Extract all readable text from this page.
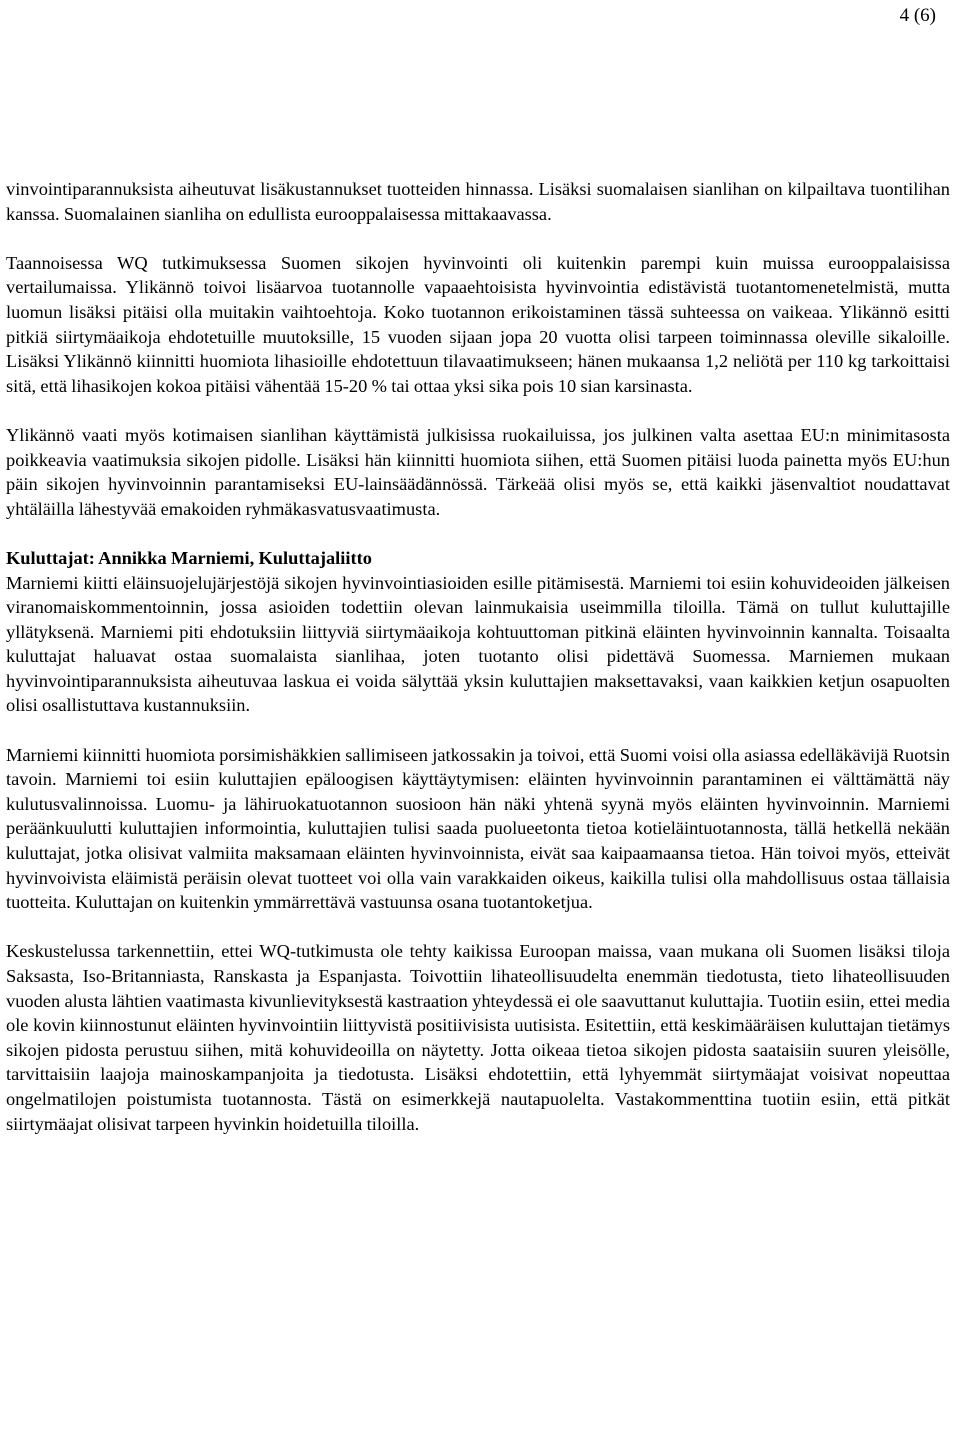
4 (6)

vinvointiparannuksista aiheutuvat lisäkustannukset tuotteiden hinnassa. Lisäksi suomalaisen sianlihan on kilpailtava tuontilihan kanssa. Suomalainen sianliha on edullista eurooppalaisessa mittakaavassa.

Taannoisessa WQ tutkimuksessa Suomen sikojen hyvinvointi oli kuitenkin parempi kuin muissa eurooppalaisissa vertailumaissa. Ylikännö toivoi lisäarvoa tuotannolle vapaaehtoisista hyvinvointia edistävistä tuotantomenetelmistä, mutta luomun lisäksi pitäisi olla muitakin vaihtoehtoja. Koko tuotannon erikoistaminen tässä suhteessa on vaikeaa. Ylikännö esitti pitkiä siirtymäaikoja ehdotetuille muutoksille, 15 vuoden sijaan jopa 20 vuotta olisi tarpeen toiminnassa oleville sikaloille. Lisäksi Ylikännö kiinnitti huomiota lihasioille ehdotettuun tilavaatimukseen; hänen mukaansa 1,2 neliötä per 110 kg tarkoittaisi sitä, että lihasikojen kokoa pitäisi vähentää 15-20 % tai ottaa yksi sika pois 10 sian karsinasta.

Ylikännö vaati myös kotimaisen sianlihan käyttämistä julkisissa ruokailuissa, jos julkinen valta asettaa EU:n minimitasosta poikkeavia vaatimuksia sikojen pidolle. Lisäksi hän kiinnitti huomiota siihen, että Suomen pitäisi luoda painetta myös EU:hun päin sikojen hyvinvoinnin parantamiseksi EU-lainsäädännössä. Tärkeää olisi myös se, että kaikki jäsenvaltiot noudattavat yhtäläilla lähestyvää emakoiden ryhmäkasvatusvaatimusta.

Kuluttajat: Annikka Marniemi, Kuluttajaliitto

Marniemi kiitti eläinsuojelujärjestöjä sikojen hyvinvointiasioiden esille pitämisestä. Marniemi toi esiin kohuvideoiden jälkeisen viranomaiskommentoinnin, jossa asioiden todettiin olevan lainmukaisia useimmilla tiloilla. Tämä on tullut kuluttajille yllätyksenä. Marniemi piti ehdotuksiin liittyviä siirtymäaikoja kohtuuttoman pitkinä eläinten hyvinvoinnin kannalta. Toisaalta kuluttajat haluavat ostaa suomalaista sianlihaa, joten tuotanto olisi pidettävä Suomessa. Marniemen mukaan hyvinvointiparannuksista aiheutuvaa laskua ei voida sälyttää yksin kuluttajien maksettavaksi, vaan kaikkien ketjun osapuolten olisi osallistuttava kustannuksiin.

Marniemi kiinnitti huomiota porsimishäkkien sallimiseen jatkossakin ja toivoi, että Suomi voisi olla asiassa edelläkävijä Ruotsin tavoin. Marniemi toi esiin kuluttajien epäloogisen käyttäytymisen: eläinten hyvinvoinnin parantaminen ei välttämättä näy kulutusvalinnoissa. Luomu- ja lähiruokatuotannon suosioon hän näki yhtenä syynä myös eläinten hyvinvoinnin. Marniemi peräänkuulutti kuluttajien informointia, kuluttajien tulisi saada puolueetonta tietoa kotieläintuotannosta, tällä hetkellä nekään kuluttajat, jotka olisivat valmiita maksamaan eläinten hyvinvoinnista, eivät saa kaipaamaansa tietoa. Hän toivoi myös, etteivät hyvinvoivista eläimistä peräisin olevat tuotteet voi olla vain varakkaiden oikeus, kaikilla tulisi olla mahdollisuus ostaa tällaisia tuotteita. Kuluttajan on kuitenkin ymmärrettävä vastuunsa osana tuotantoketjua.

Keskustelussa tarkennettiin, ettei WQ-tutkimusta ole tehty kaikissa Euroopan maissa, vaan mukana oli Suomen lisäksi tiloja Saksasta, Iso-Britanniasta, Ranskasta ja Espanjasta. Toivottiin lihateollisuudelta enemmän tiedotusta, tieto lihateollisuuden vuoden alusta lähtien vaatimasta kivunlievityksestä kastraation yhteydessä ei ole saavuttanut kuluttajia. Tuotiin esiin, ettei media ole kovin kiinnostunut eläinten hyvinvointiin liittyvistä positiivisista uutisista. Esitettiin, että keskimääräisen kuluttajan tietämys sikojen pidosta perustuu siihen, mitä kohuvideoilla on näytetty. Jotta oikeaa tietoa sikojen pidosta saataisiin suuren yleisölle, tarvittaisiin laajoja mainoskampanjoita ja tiedotusta. Lisäksi ehdotettiin, että lyhyemmät siirtymäajat voisivat nopeuttaa ongelmatilojen poistumista tuotannosta. Tästä on esimerkkejä nautapuolelta. Vastakommenttina tuotiin esiin, että pitkät siirtymäajat olisivat tarpeen hyvinkin hoidetuilla tiloilla.
